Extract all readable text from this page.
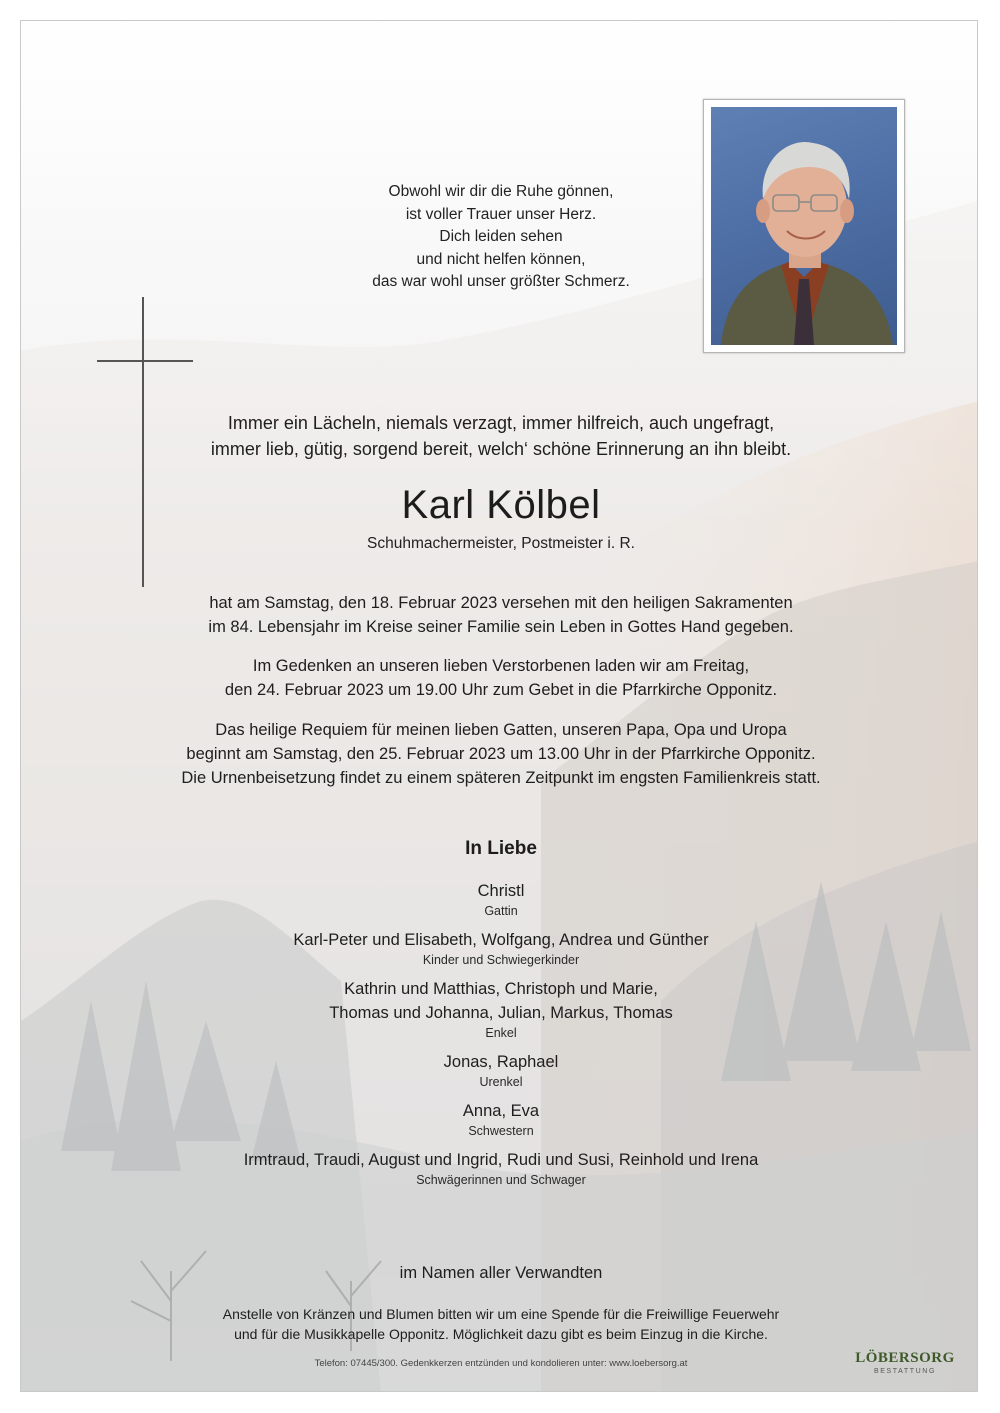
Obwohl wir dir die Ruhe gönnen,
ist voller Trauer unser Herz.
Dich leiden sehen
und nicht helfen können,
das war wohl unser größter Schmerz.
Immer ein Lächeln, niemals verzagt, immer hilfreich, auch ungefragt,
immer lieb, gütig, sorgend bereit, welch‘ schöne Erinnerung an ihn bleibt.
Karl Kölbel
Schuhmachermeister, Postmeister i. R.
hat am Samstag, den 18. Februar 2023 versehen mit den heiligen Sakramenten
im 84. Lebensjahr im Kreise seiner Familie sein Leben in Gottes Hand gegeben.
Im Gedenken an unseren lieben Verstorbenen laden wir am Freitag,
den 24. Februar 2023 um 19.00 Uhr zum Gebet in die Pfarrkirche Opponitz.
Das heilige Requiem für meinen lieben Gatten, unseren Papa, Opa und Uropa
beginnt am Samstag, den 25. Februar 2023 um 13.00 Uhr in der Pfarrkirche Opponitz.
Die Urnenbeisetzung findet zu einem späteren Zeitpunkt im engsten Familienkreis statt.
In Liebe
Christl
Gattin
Karl-Peter und Elisabeth, Wolfgang, Andrea und Günther
Kinder und Schwiegerkinder
Kathrin und Matthias, Christoph und Marie,
Thomas und Johanna, Julian, Markus, Thomas
Enkel
Jonas, Raphael
Urenkel
Anna, Eva
Schwestern
Irmtraud, Traudi, August und Ingrid, Rudi und Susi, Reinhold und Irena
Schwägerinnen und Schwager
im Namen aller Verwandten
Anstelle von Kränzen und Blumen bitten wir um eine Spende für die Freiwillige Feuerwehr
und für die Musikkapelle Opponitz. Möglichkeit dazu gibt es beim Einzug in die Kirche.
Telefon: 07445/300. Gedenkkerzen entzünden und kondolieren unter: www.loebersorg.at	LÖBERSORG
BESTATTUNG
